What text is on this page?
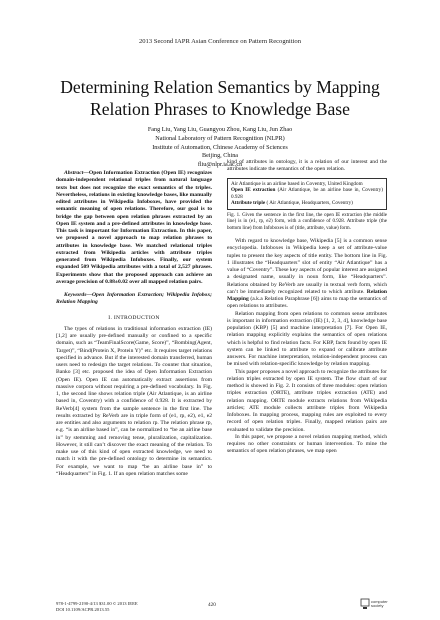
2013 Second IAPR Asian Conference on Pattern Recognition
Determining Relation Semantics by Mapping
Relation Phrases to Knowledge Base
Fang Liu, Yang Liu, Guangyou Zhou, Kang Liu, Jun Zhao
National Laboratory of Pattern Recognition (NLPR)
Institute of Automation, Chinese Academy of Sciences
Beijing, China
fliu@nlpr.ia.ac.cn

Abstract—Open Information Extraction (Open IE) recognizes domain-independent relational triples from natural language texts but does not recognize the exact semantics of the triples. Nevertheless, relations in existing knowledge bases, like manually edited attributes in Wikipedia Infoboxes, have provided the semantic meaning of open relations. Therefore, our goal is to bridge the gap between open relation phrases extracted by an Open IE system and a pre-defined attributes in knowledge base. This task is important for Information Extraction. In this paper, we proposed a novel approach to map relation phrases to attributes in knowledge base. We matched relational triples extracted from Wikipedia articles with attribute triples generated from Wikipedia Infoboxes. Finally, our system expanded 509 Wikipedia attributes with a total of 2,527 phrases. Experiments show that the proposed approach can achieve an average precision of 0.88±0.02 over all mapped relation pairs.

Keywords—Open Information Extraction; Wikipedia Infobox; Relation Mapping

I. INTRODUCTION

The types of relations in traditional information extraction (IE) [1,2] are usually pre-defined manually or confined to a specific domain, such as “TeamFinalScore(Game, Score)”, “Bombing(Agent, Target)”, “Bind(Protein X, Protein Y)” etc. It requires target relations specified in advance. But if the interested domain transferred, human users need to redesign the target relations. To counter that situation, Banko [3] etc. proposed the idea of Open Information Extraction (Open IE). Open IE can automatically extract assertions from massive corpora without requiring a pre-defined vocabulary. In Fig. 1, the second line shows relation triple (Air Atlantique, is an airline based in, Coventry) with a confidence of 0.928. It is extracted by ReVerb[4] system from the sample sentence in the first line. The results extracted by ReVerb are in triple form of (e1, rp, e2), e1, e2 are entities and also arguments to relation rp. The relation phrase rp, e.g. “is an airline based in”, can be normalized to “be an airline base in” by stemming and removing tense, pluralization, capitalization. However, it still can’t discover the exact meaning of the relation. To make use of this kind of open extracted knowledge, we need to match it with the pre-defined ontology to determine its semantics. For example, we want to map “be an airline base in” to “Headquarters” in Fig. 1. If an open relation matches some

kind of attributes in ontology, it is a relation of our interest and the attributes indicate the semantics of the open relation.

Air Atlantique is an airline based in Coventry, United Kingdom
Open IE extraction (Air Atlantique, be an airline base in, Coventry) 0.928
Attribute triple ( Air Atlantique, Headquarters, Coventry)
Fig. 1. Given the sentence in the first line, the open IE extraction (the middle line) is in (e1, rp, e2) form, with a confidence of 0.928. Attribute triple (the bottom line) from Infoboxes is of (title, attribute, value) form.

With regard to knowledge base, Wikipedia [5] is a common sense encyclopedia. Infoboxes in Wikipedia keep a set of attribute-value tuples to present the key aspects of title entity. The bottom line in Fig. 1 illustrates the “Headquarters” slot of entity “Air Atlantique” has a value of “Coventry”. These key aspects of popular interest are assigned a designated name, usually in noun form, like “Headquarters”. Relations obtained by ReVerb are usually in textual verb form, which can’t be immediately recognized related to which attribute. Relation Mapping (a.k.a Relation Paraphrase [6]) aims to map the semantics of open relations to attributes.

Relation mapping from open relations to common sense attributes is important in information extraction (IE) [1, 2, 3, 4], knowledge base population (KBP) [5] and machine interpretation [7]. For Open IE, relation mapping explicitly explains the semantics of open relations which is helpful to find relation facts. For KBP, facts found by open IE system can be linked to attribute to expand or calibrate attribute answers. For machine interpretation, relation-independent process can be mixed with relation-specific knowledge by relation mapping.

This paper proposes a novel approach to recognize the attributes for relation triples extracted by open IE system. The flow chart of our method is showed in Fig. 2. It consists of three modules: open relation triples extraction (ORTE), attribute triples extraction (ATE) and relation mapping. ORTE module extracts relations from Wikipedia articles; ATE module collects attribute triples from Wikipedia Infoboxes. In mapping process, mapping rules are exploited to every record of open relation triples. Finally, mapped relation pairs are evaluated to validate the precision.

In this paper, we propose a novel relation mapping method, which requires no other constraints or human intervention. To mine the semantics of open relation phrases, we map open

978-1-4799-2190-4/13 $31.00 © 2013 IEEE
DOI 10.1109/ACPR.2013.55
420
computer
society
